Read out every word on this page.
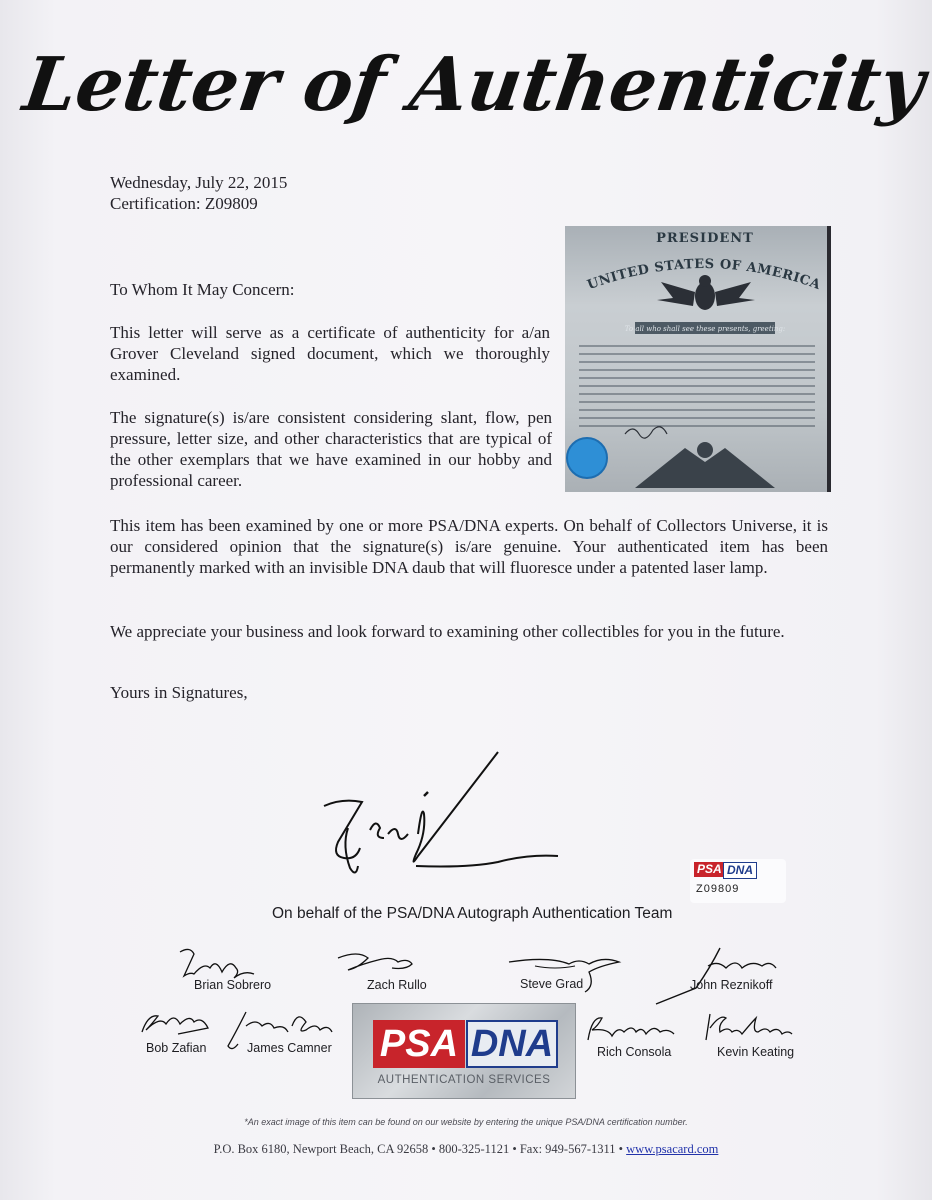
Letter of Authenticity
Wednesday, July 22, 2015
Certification: Z09809
To Whom It May Concern:
This letter will serve as a certificate of authenticity for a/an Grover Cleveland signed document, which we thoroughly examined.
The signature(s) is/are consistent considering slant, flow, pen pressure, letter size, and other characteristics that are typical of the other exemplars that we have examined in our hobby and professional career.
This item has been examined by one or more PSA/DNA experts. On behalf of Collectors Universe, it is our considered opinion that the signature(s) is/are genuine. Your authenticated item has been permanently marked with an invisible DNA daub that will fluoresce under a patented laser lamp.
We appreciate your business and look forward to examining other collectibles for you in the future.
Yours in Signatures,
PRESIDENT
UNITED STATES OF AMERICA
To all who shall see these presents, greeting:
PSA DNA
Z09809
On behalf of the PSA/DNA Autograph Authentication Team
Brian Sobrero	Zach Rullo	Steve Grad	John Reznikoff
Bob Zafian	James Camner PSA DNA
AUTHENTICATION SERVICES
Rich Consola	Kevin Keating
*An exact image of this item can be found on our website by entering the unique PSA/DNA certification number.
P.O. Box 6180, Newport Beach, CA 92658 • 800-325-1121 • Fax: 949-567-1311 • www.psacard.com
